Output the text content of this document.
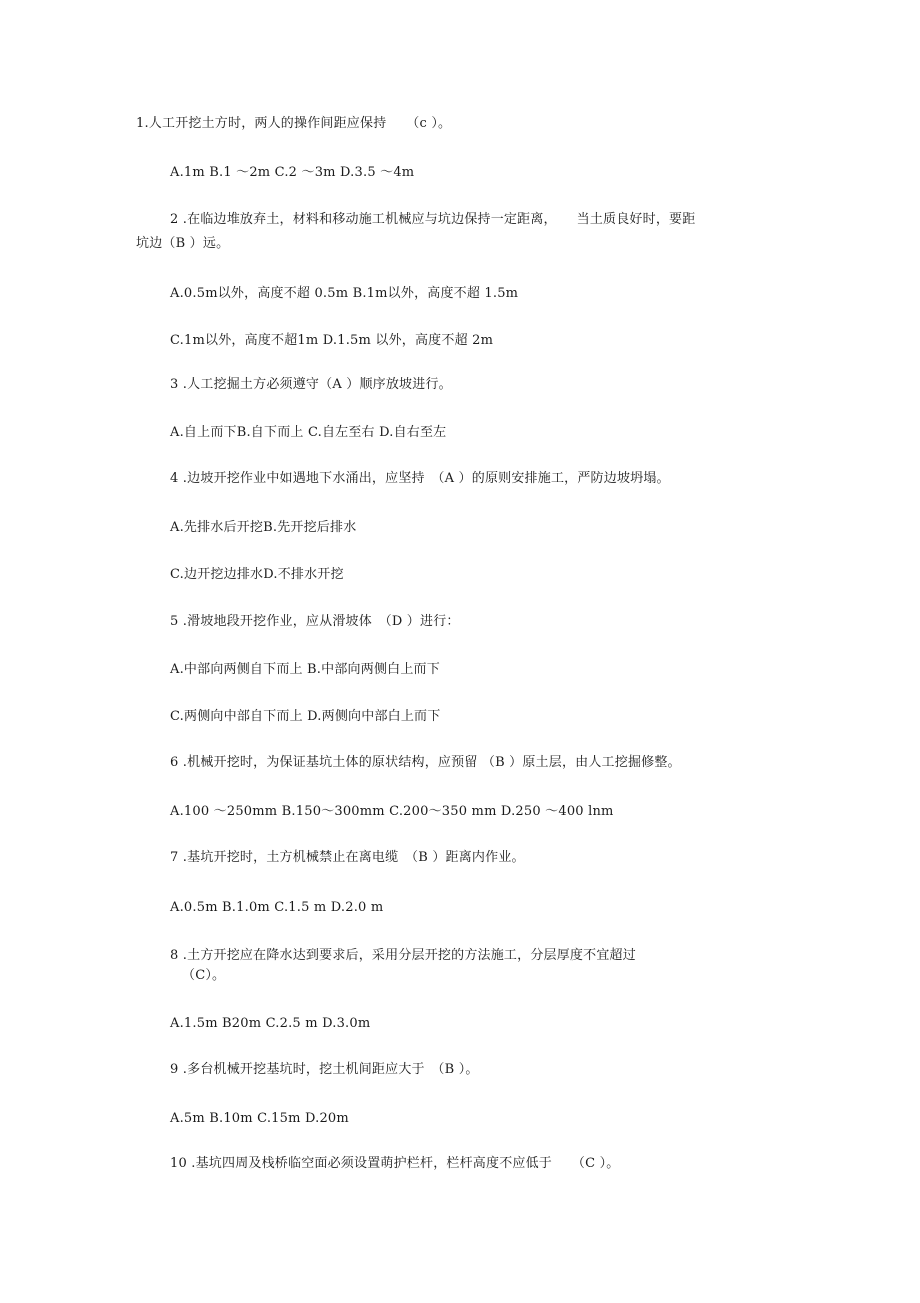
1.人工开挖土方时，两人的操作间距应保持　　（c ）。
A.1m B.1 ～2m C.2 ～3m D.3.5 ～4m
2 .在临边堆放弃土，材料和移动施工机械应与坑边保持一定距离，　　当土质良好时，要距
坑边（B ）远。
A.0.5m以外，高度不超 0.5m B.1m以外，高度不超 1.5m
C.1m以外，高度不超1m D.1.5m 以外，高度不超 2m
3 .人工挖掘土方必须遵守（A ）顺序放坡进行。
A.自上而下B.自下而上 C.自左至右 D.自右至左
4 .边坡开挖作业中如遇地下水涌出，应坚持　（A ）的原则安排施工，严防边坡坍塌。
A.先排水后开挖B.先开挖后排水
C.边开挖边排水D.不排水开挖
5 .滑坡地段开挖作业，应从滑坡体　（D ）进行：
A.中部向两侧自下而上 B.中部向两侧白上而下
C.两侧向中部自下而上 D.两侧向中部白上而下
6 .机械开挖时，为保证基坑土体的原状结构，应预留 （B ）原土层，由人工挖掘修整。
A.100 ～250mm B.150～300mm C.200～350 mm D.250 ～400 lnm
7 .基坑开挖时，土方机械禁止在离电缆　（B ）距离内作业。
A.0.5m B.1.0m C.1.5 m D.2.0 m
8 .土方开挖应在降水达到要求后，采用分层开挖的方法施工，分层厚度不宜超过
（C）。
A.1.5m B20m C.2.5 m D.3.0m
9 .多台机械开挖基坑时，挖土机间距应大于　（B ）。
A.5m B.10m C.15m D.20m
10 .基坑四周及栈桥临空面必须设置萌护栏杆，栏杆高度不应低于　　（C ）。
